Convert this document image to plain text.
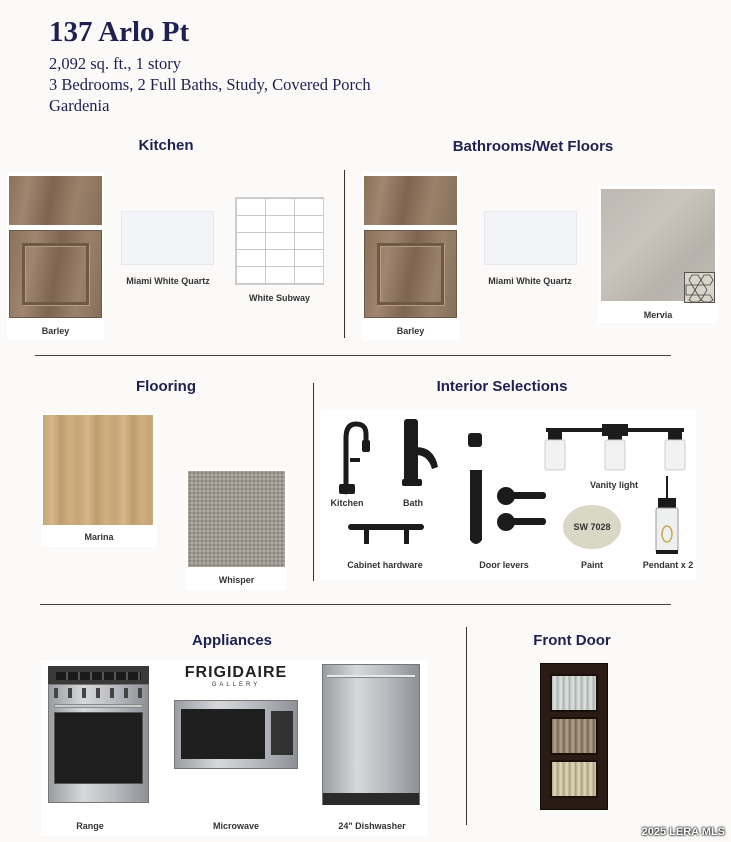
137 Arlo Pt
2,092 sq. ft., 1 story
3 Bedrooms, 2 Full Baths, Study, Covered Porch
Gardenia
Kitchen
Barley
Miami White Quartz
White Subway
Bathrooms/Wet Floors
Barley
Miami White Quartz
Mervia
Flooring
Marina
Whisper
Interior Selections
Kitchen	Bath
Door levers
Cabinet hardware
Vanity light
SW 7028
Paint	Pendant x 2
Appliances
Range
FRIGIDAIRE
GALLERY
Microwave	24" Dishwasher
Front Door
2025 LERA MLS
